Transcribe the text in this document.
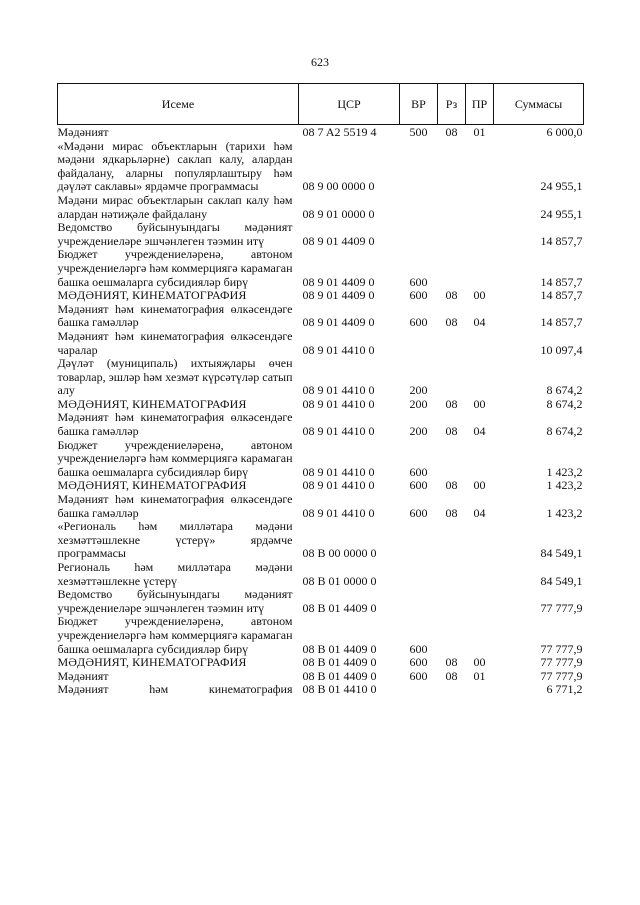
623
Исеме	ЦСР	ВР	Рз	ПР	Суммасы
Мәдәният	08 7 A2 5519 4	500	08	01	6 000,0
«Мәдәни мирас объектларын (тарихи һәм мәдәни ядкарьләрне) саклап калу, алардан файдалану, аларны популярлаштыру һәм дәүләт саклавы» ярдәмче программасы	08 9 00 0000 0				24 955,1
Мәдәни мирас объектларын саклап калу һәм алардан нәтиҗәле файдалану	08 9 01 0000 0				24 955,1
Ведомство буйсынуындагы мәдәният учреждениеләре эшчәнлеген тәэмин итү	08 9 01 4409 0				14 857,7
Бюджет учреждениеләренә, автоном учреждениеләргә һәм коммерциягә карамаган башка оешмаларга субсидияләр бирү	08 9 01 4409 0	600			14 857,7
МӘДӘНИЯТ, КИНЕМАТОГРАФИЯ	08 9 01 4409 0	600	08	00	14 857,7
Мәдәният һәм кинематография өлкәсендәге башка гамәлләр	08 9 01 4409 0	600	08	04	14 857,7
Мәдәният һәм кинематография өлкәсендәге чаралар	08 9 01 4410 0				10 097,4
Дәүләт (муниципаль) ихтыяҗлары өчен товарлар, эшләр һәм хезмәт күрсәтүләр сатып алу	08 9 01 4410 0	200			8 674,2
МӘДӘНИЯТ, КИНЕМАТОГРАФИЯ	08 9 01 4410 0	200	08	00	8 674,2
Мәдәният һәм кинематография өлкәсендәге башка гамәлләр	08 9 01 4410 0	200	08	04	8 674,2
Бюджет учреждениеләренә, автоном учреждениеләргә һәм коммерциягә карамаган башка оешмаларга субсидияләр бирү	08 9 01 4410 0	600			1 423,2
МӘДӘНИЯТ, КИНЕМАТОГРАФИЯ	08 9 01 4410 0	600	08	00	1 423,2
Мәдәният һәм кинематография өлкәсендәге башка гамәлләр	08 9 01 4410 0	600	08	04	1 423,2
«Региональ һәм милләтара мәдәни хезмәттәшлекне үстерү» ярдәмче программасы	08 В 00 0000 0				84 549,1
Региональ һәм милләтара мәдәни хезмәттәшлекне үстерү	08 В 01 0000 0				84 549,1
Ведомство буйсынуындагы мәдәният учреждениеләре эшчәнлеген тәэмин итү	08 В 01 4409 0				77 777,9
Бюджет учреждениеләренә, автоном учреждениеләргә һәм коммерциягә карамаган башка оешмаларга субсидияләр бирү	08 В 01 4409 0	600			77 777,9
МӘДӘНИЯТ, КИНЕМАТОГРАФИЯ	08 В 01 4409 0	600	08	00	77 777,9
Мәдәният	08 В 01 4409 0	600	08	01	77 777,9
Мәдәният һәм кинематография	08 В 01 4410 0				6 771,2
